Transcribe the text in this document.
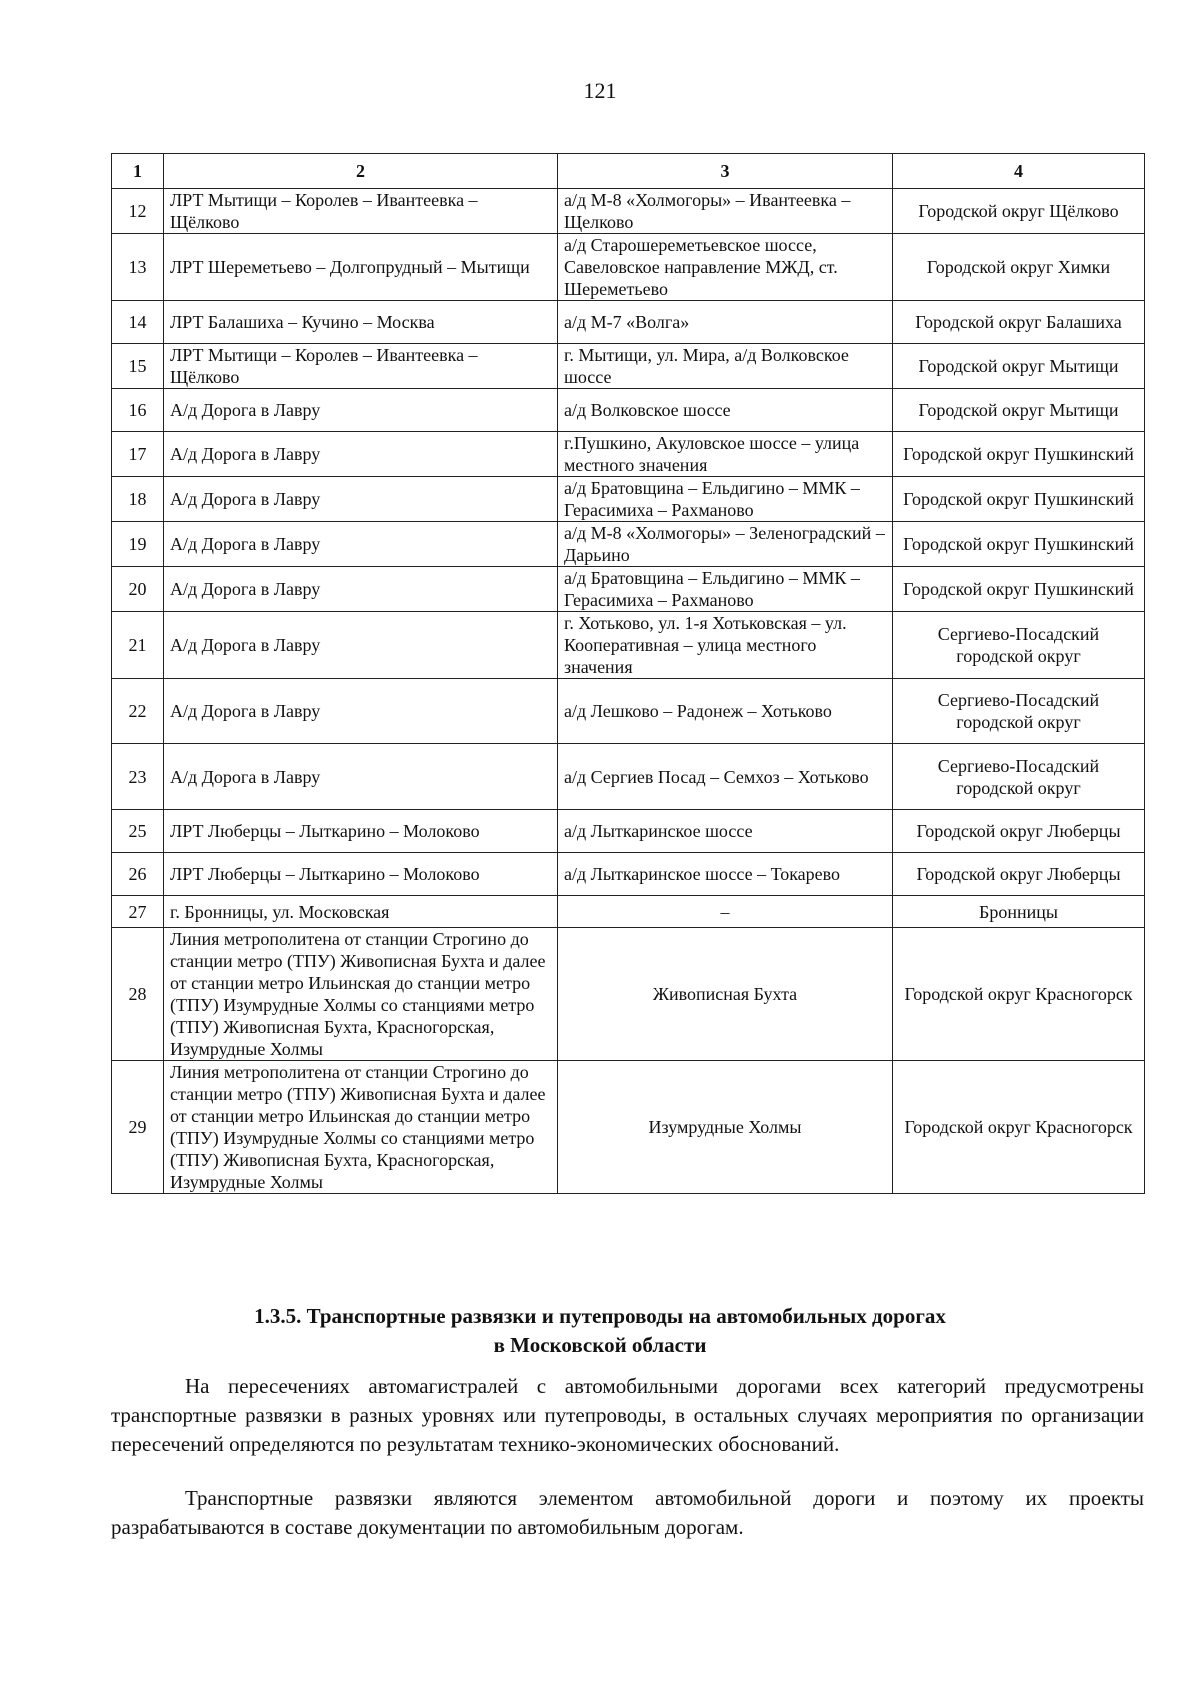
121
1	2	3	4
12	ЛРТ Мытищи – Королев – Ивантеевка – Щёлково	а/д М-8 «Холмогоры» – Ивантеевка – Щелково	Городской округ Щёлково
13	ЛРТ Шереметьево – Долгопрудный – Мытищи	а/д Старошереметьевское шоссе, Савеловское направление МЖД, ст. Шереметьево	Городской округ Химки
14	ЛРТ Балашиха – Кучино – Москва	а/д М-7 «Волга»	Городской округ Балашиха
15	ЛРТ Мытищи – Королев – Ивантеевка – Щёлково	г. Мытищи, ул. Мира, а/д Волковское шоссе	Городской округ Мытищи
16	А/д Дорога в Лавру	а/д Волковское шоссе	Городской округ Мытищи
17	А/д Дорога в Лавру	г.Пушкино, Акуловское шоссе – улица местного значения	Городской округ Пушкинский
18	А/д Дорога в Лавру	а/д Братовщина – Ельдигино – ММК – Герасимиха – Рахманово	Городской округ Пушкинский
19	А/д Дорога в Лавру	а/д М-8 «Холмогоры» – Зеленоградский – Дарьино	Городской округ Пушкинский
20	А/д Дорога в Лавру	а/д Братовщина – Ельдигино – ММК – Герасимиха – Рахманово	Городской округ Пушкинский
21	А/д Дорога в Лавру	г. Хотьково, ул. 1-я Хотьковская – ул. Кооперативная – улица местного значения	Сергиево-Посадский городской округ
22	А/д Дорога в Лавру	а/д Лешково – Радонеж – Хотьково	Сергиево-Посадский городской округ
23	А/д Дорога в Лавру	а/д Сергиев Посад – Семхоз – Хотьково	Сергиево-Посадский городской округ
25	ЛРТ Люберцы – Лыткарино – Молоково	а/д Лыткаринское шоссе	Городской округ Люберцы
26	ЛРТ Люберцы – Лыткарино – Молоково	а/д Лыткаринское шоссе – Токарево	Городской округ Люберцы
27	г. Бронницы, ул. Московская	–	Бронницы
28	Линия метрополитена от станции Строгино до станции метро (ТПУ) Живописная Бухта и далее от станции метро Ильинская до станции метро (ТПУ) Изумрудные Холмы со станциями метро (ТПУ) Живописная Бухта, Красногорская, Изумрудные Холмы	Живописная Бухта	Городской округ Красногорск
29	Линия метрополитена от станции Строгино до станции метро (ТПУ) Живописная Бухта и далее от станции метро Ильинская до станции метро (ТПУ) Изумрудные Холмы со станциями метро (ТПУ) Живописная Бухта, Красногорская, Изумрудные Холмы	Изумрудные Холмы	Городской округ Красногорск
1.3.5. Транспортные развязки и путепроводы на автомобильных дорогах
в Московской области

На пересечениях автомагистралей с автомобильными дорогами всех категорий предусмотрены транспортные развязки в разных уровнях или путепроводы, в остальных случаях мероприятия по организации пересечений определяются по результатам технико-экономических обоснований.

Транспортные развязки являются элементом автомобильной дороги и поэтому их проекты разрабатываются в составе документации по автомобильным дорогам.
